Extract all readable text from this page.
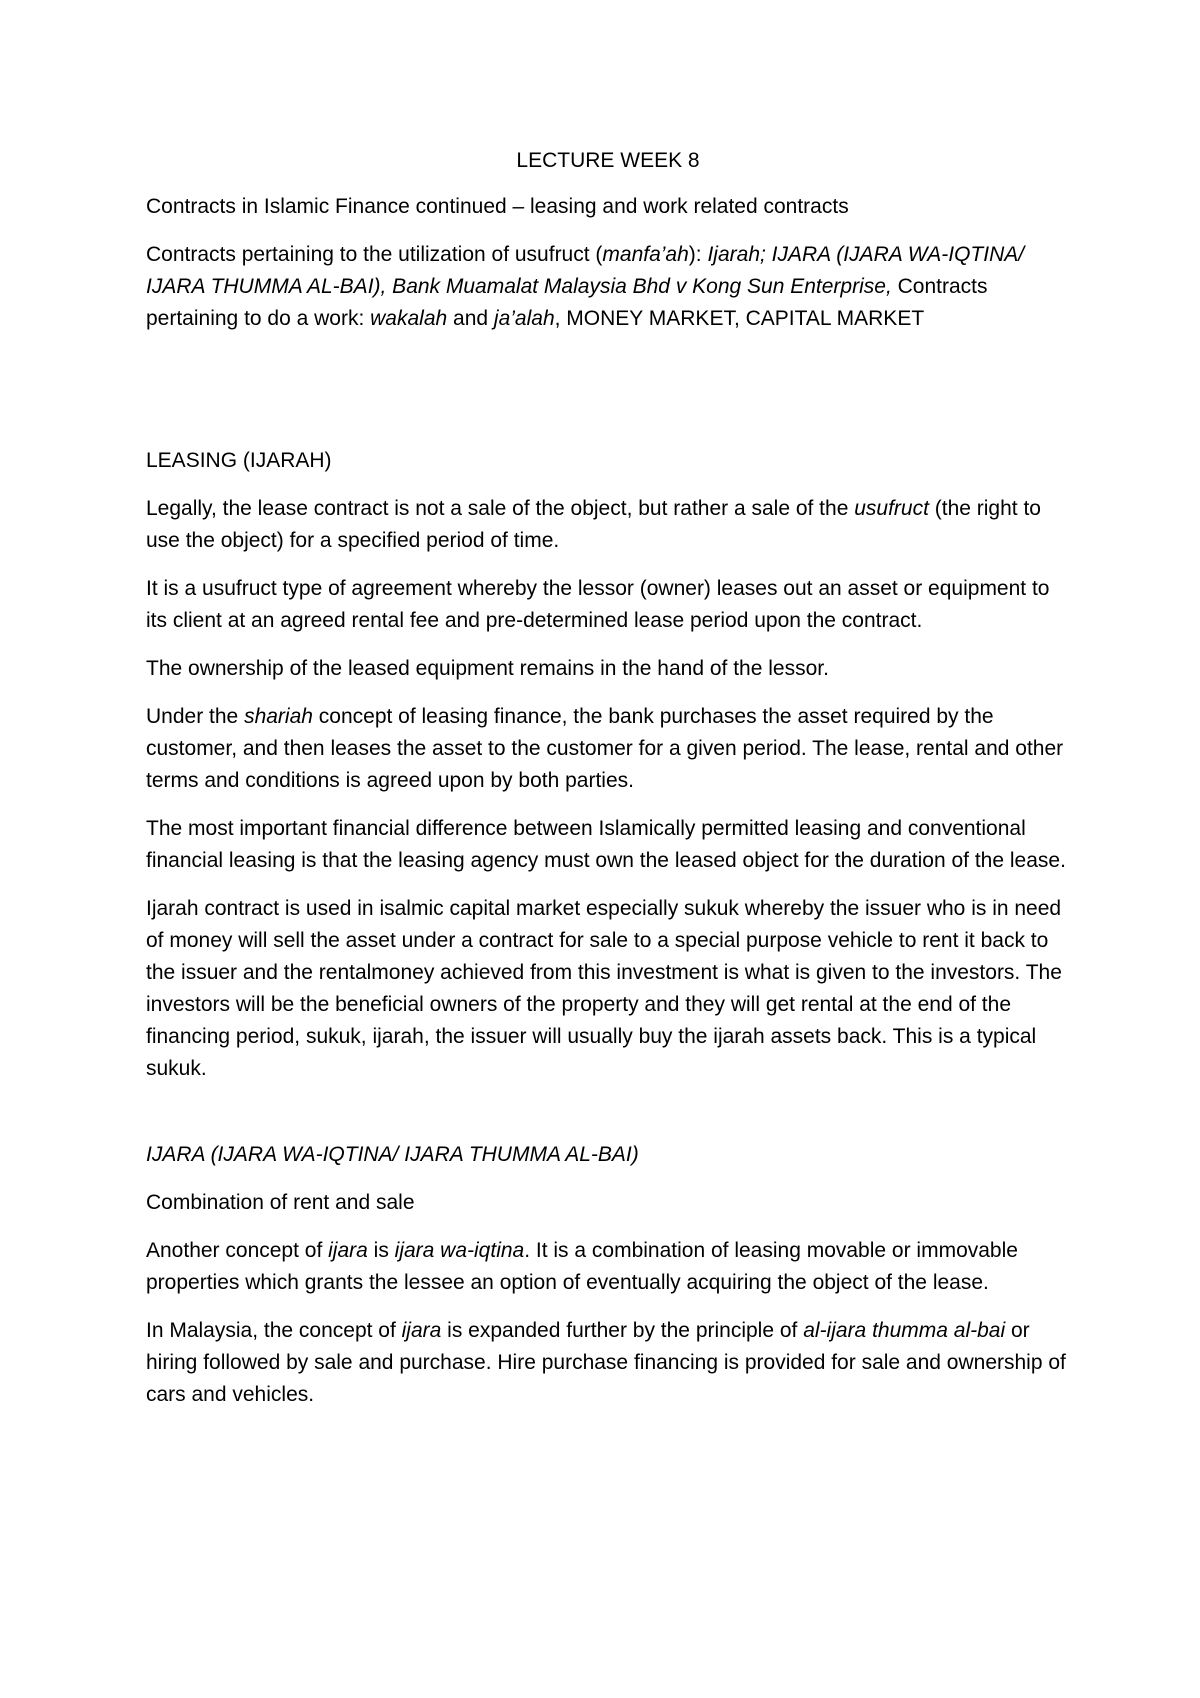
LECTURE WEEK 8

Contracts in Islamic Finance continued – leasing and work related contracts

Contracts pertaining to the utilization of usufruct (manfa’ah): Ijarah; IJARA (IJARA WA-IQTINA/ IJARA THUMMA AL-BAI), Bank Muamalat Malaysia Bhd v Kong Sun Enterprise, Contracts pertaining to do a work: wakalah and ja’alah, MONEY MARKET, CAPITAL MARKET

LEASING (IJARAH)

Legally, the lease contract is not a sale of the object, but rather a sale of the usufruct (the right to use the object) for a specified period of time.

It is a usufruct type of agreement whereby the lessor (owner) leases out an asset or equipment to its client at an agreed rental fee and pre-determined lease period upon the contract.

The ownership of the leased equipment remains in the hand of the lessor.

Under the shariah concept of leasing finance, the bank purchases the asset required by the customer, and then leases the asset to the customer for a given period. The lease, rental and other terms and conditions is agreed upon by both parties.

The most important financial difference between Islamically permitted leasing and conventional financial leasing is that the leasing agency must own the leased object for the duration of the lease.

Ijarah contract is used in isalmic capital market especially sukuk whereby the issuer who is in need of money will sell the asset under a contract for sale to a special purpose vehicle to rent it back to the issuer and the rentalmoney achieved from this investment is what is given to the investors. The investors will be the beneficial owners of the property and they will get rental at the end of the financing period, sukuk, ijarah, the issuer will usually buy the ijarah assets back. This is a typical sukuk.

IJARA (IJARA WA-IQTINA/ IJARA THUMMA AL-BAI)

Combination of rent and sale

Another concept of ijara is ijara wa-iqtina. It is a combination of leasing movable or immovable properties which grants the lessee an option of eventually acquiring the object of the lease.

In Malaysia, the concept of ijara is expanded further by the principle of al-ijara thumma al-bai or hiring followed by sale and purchase. Hire purchase financing is provided for sale and ownership of cars and vehicles.
